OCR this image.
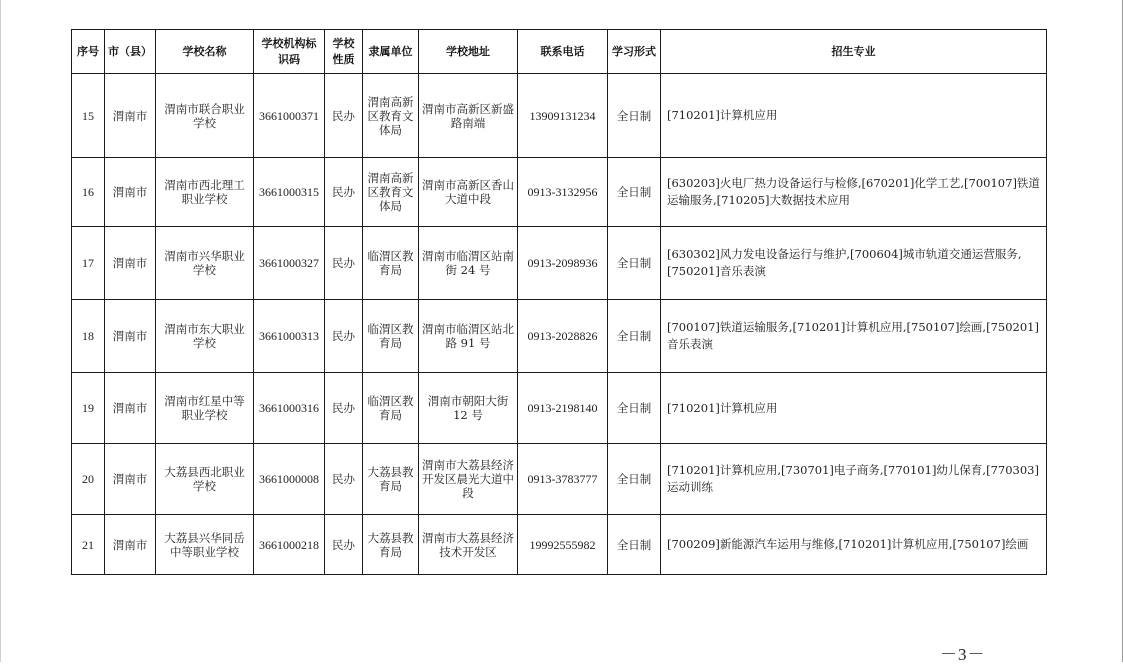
序号	市（县）	学校名称	学校机构标识码	学校性质	隶属单位	学校地址	联系电话	学习形式	招生专业
15	渭南市	渭南市联合职业学校	3661000371	民办	渭南高新区教育文体局	渭南市高新区新盛路南端	13909131234	全日制	[710201]计算机应用
16	渭南市	渭南市西北理工职业学校	3661000315	民办	渭南高新区教育文体局	渭南市高新区香山大道中段	0913-3132956	全日制	[630203]火电厂热力设备运行与检修,[670201]化学工艺,[700107]铁道运输服务,[710205]大数据技术应用
17	渭南市	渭南市兴华职业学校	3661000327	民办	临渭区教育局	渭南市临渭区站南街 24 号	0913-2098936	全日制	[630302]风力发电设备运行与维护,[700604]城市轨道交通运营服务,[750201]音乐表演
18	渭南市	渭南市东大职业学校	3661000313	民办	临渭区教育局	渭南市临渭区站北路 91 号	0913-2028826	全日制	[700107]铁道运输服务,[710201]计算机应用,[750107]绘画,[750201]音乐表演
19	渭南市	渭南市红星中等职业学校	3661000316	民办	临渭区教育局	渭南市朝阳大街 12 号	0913-2198140	全日制	[710201]计算机应用
20	渭南市	大荔县西北职业学校	3661000008	民办	大荔县教育局	渭南市大荔县经济开发区晨光大道中段	0913-3783777	全日制	[710201]计算机应用,[730701]电子商务,[770101]幼儿保育,[770303]运动训练
21	渭南市	大荔县兴华同岳中等职业学校	3661000218	民办	大荔县教育局	渭南市大荔县经济技术开发区	19992555982	全日制	[700209]新能源汽车运用与维修,[710201]计算机应用,[750107]绘画
－3－
